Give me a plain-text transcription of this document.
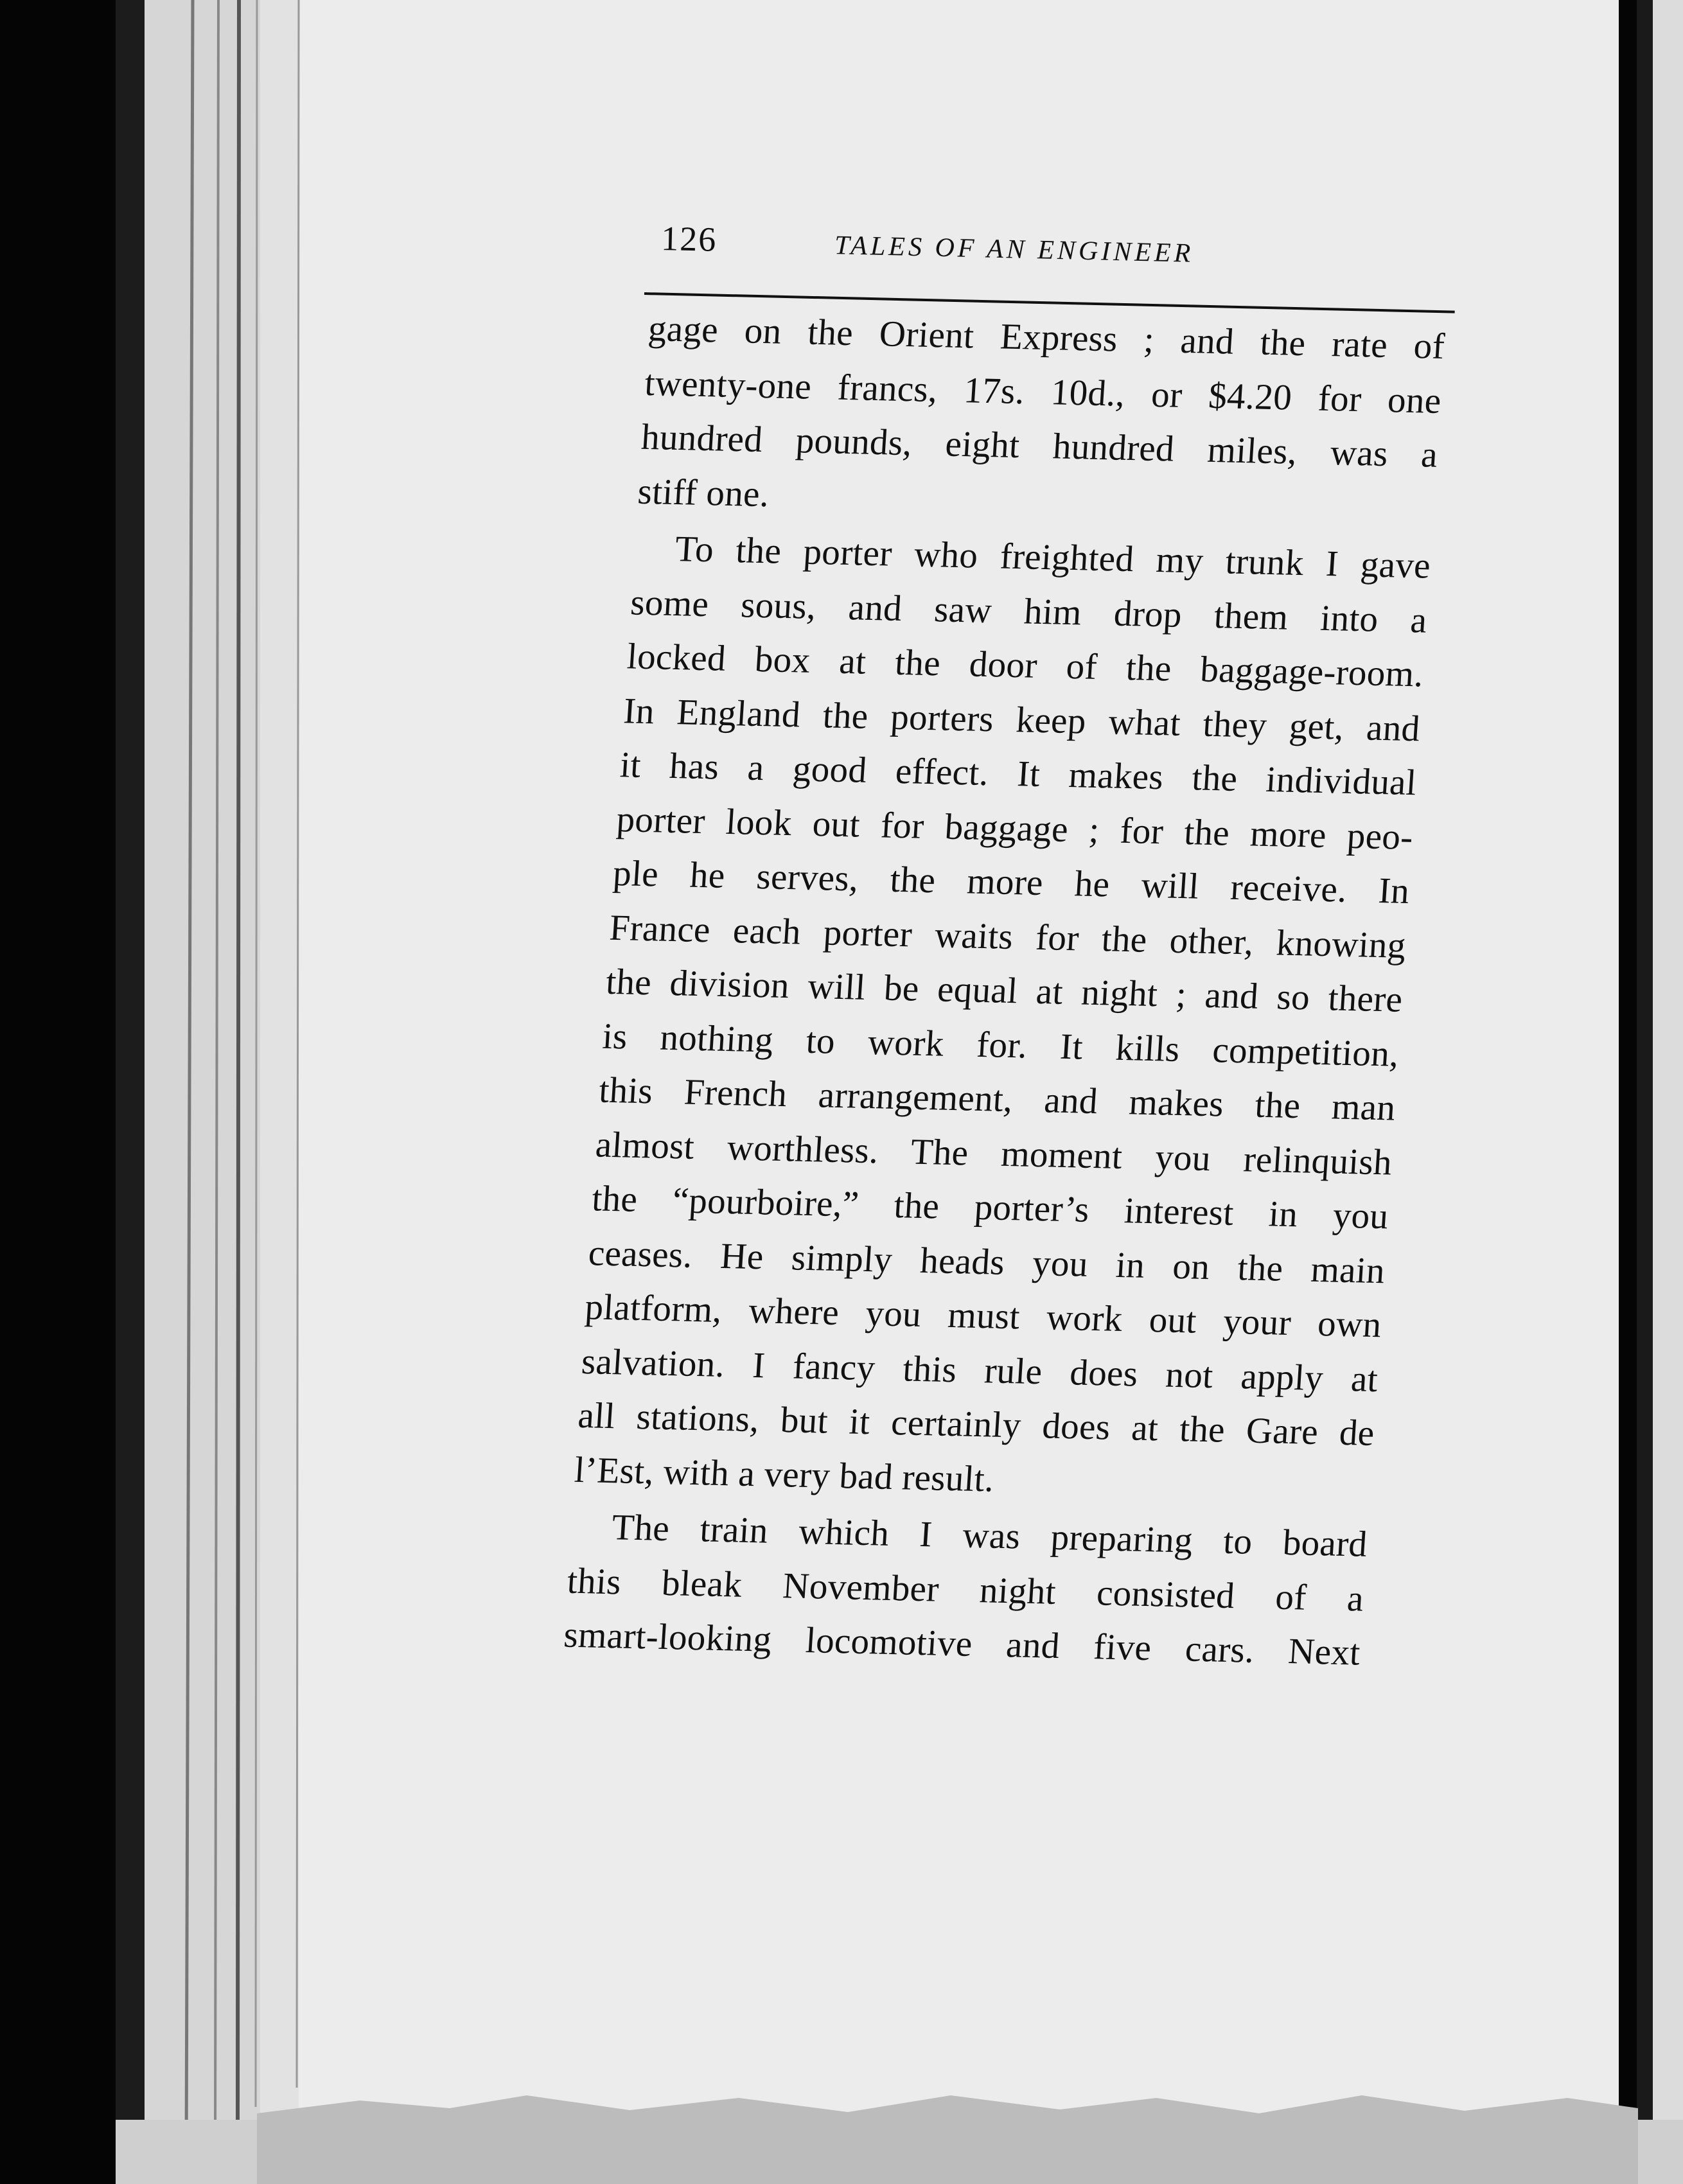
126	TALES OF AN ENGINEER

gage on the Orient Express ; and the rate of
twenty-one francs, 17s. 10d., or $4.20 for one
hundred pounds, eight hundred miles, was a
stiff one.

To the porter who freighted my trunk I gave
some sous, and saw him drop them into a
locked box at the door of the baggage-room.
In England the porters keep what they get, and
it has a good effect. It makes the individual
porter look out for baggage ; for the more peo-
ple he serves, the more he will receive. In
France each porter waits for the other, knowing
the division will be equal at night ; and so there
is nothing to work for. It kills competition,
this French arrangement, and makes the man
almost worthless. The moment you relinquish
the “pourboire,” the porter’s interest in you
ceases. He simply heads you in on the main
platform, where you must work out your own
salvation. I fancy this rule does not apply at
all stations, but it certainly does at the Gare de
l’Est, with a very bad result.

The train which I was preparing to board
this bleak November night consisted of a
smart-looking locomotive and five cars. Next
